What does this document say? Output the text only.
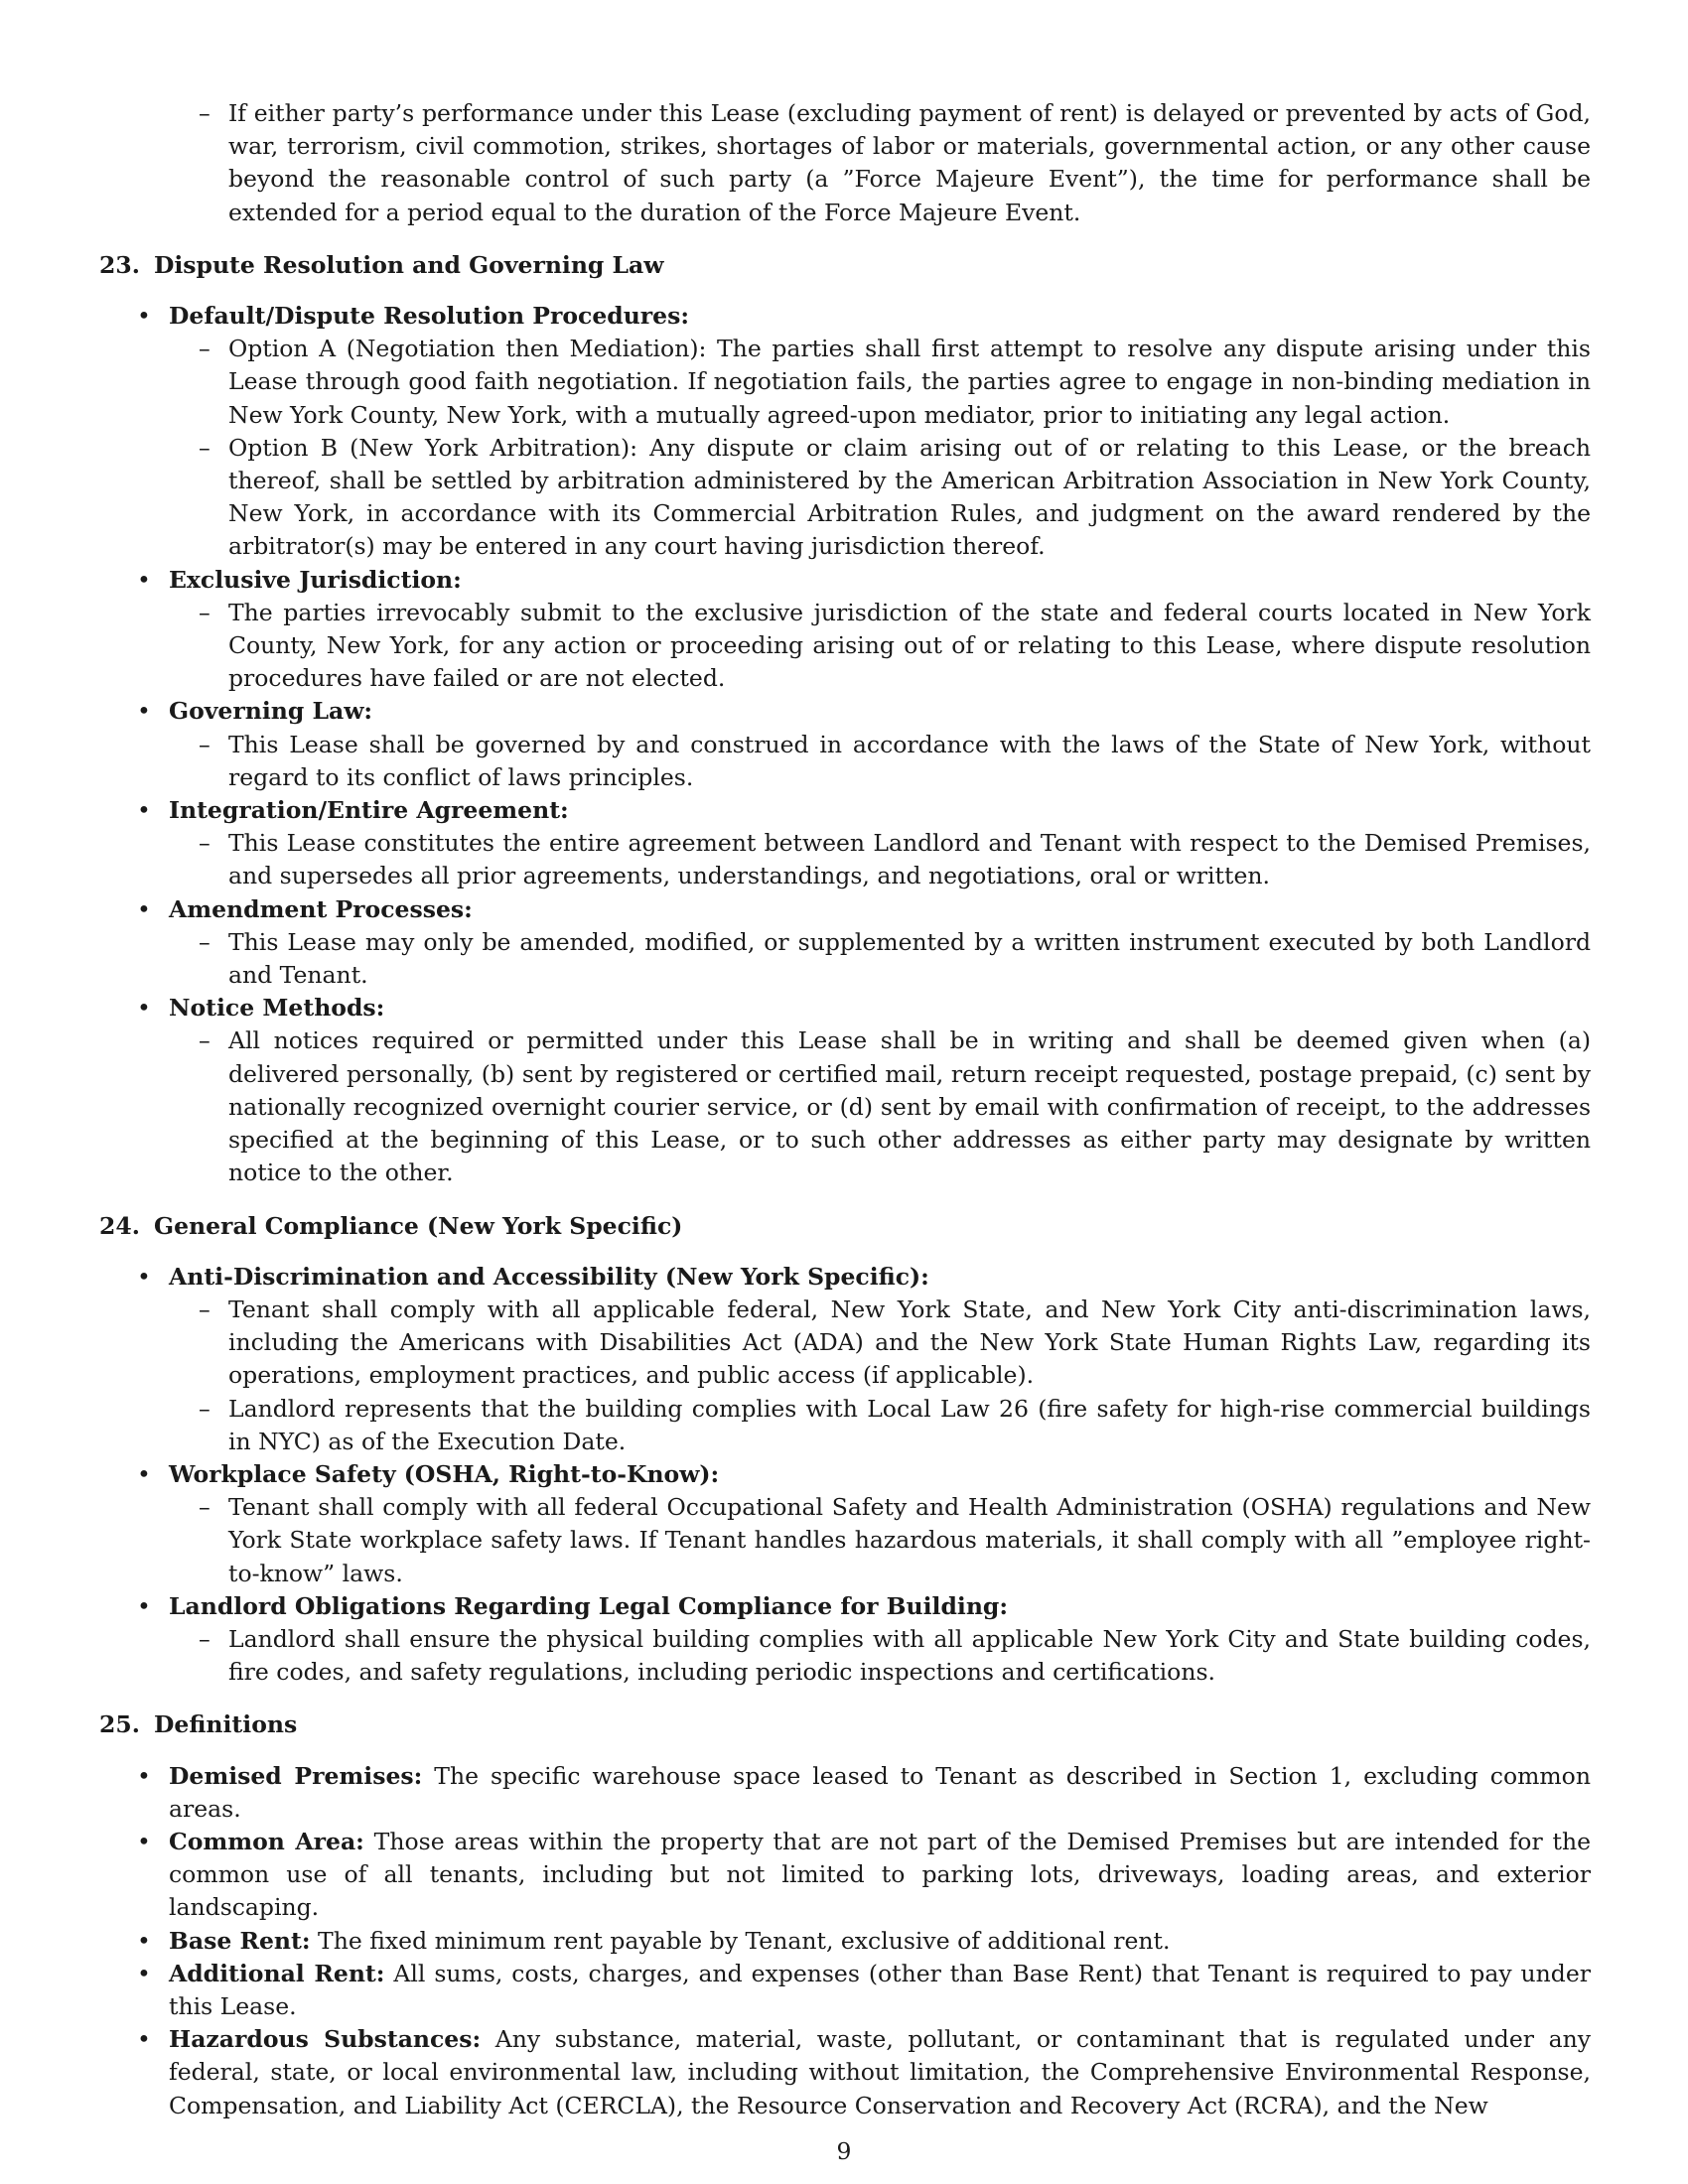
– If either party’s performance under this Lease (excluding payment of rent) is delayed or prevented by acts of God, war, terrorism, civil commotion, strikes, shortages of labor or materials, governmental action, or any other cause beyond the reasonable control of such party (a ”Force Majeure Event”), the time for performance shall be extended for a period equal to the duration of the Force Majeure Event.
23. Dispute Resolution and Governing Law
• Default/Dispute Resolution Procedures:
– Option A (Negotiation then Mediation): The parties shall first attempt to resolve any dispute arising under this Lease through good faith negotiation. If negotiation fails, the parties agree to engage in non-binding mediation in New York County, New York, with a mutually agreed-upon mediator, prior to initiating any legal action.
– Option B (New York Arbitration): Any dispute or claim arising out of or relating to this Lease, or the breach thereof, shall be settled by arbitration administered by the American Arbitration Association in New York County, New York, in accordance with its Commercial Arbitration Rules, and judgment on the award rendered by the arbitrator(s) may be entered in any court having jurisdiction thereof.
• Exclusive Jurisdiction:
– The parties irrevocably submit to the exclusive jurisdiction of the state and federal courts located in New York County, New York, for any action or proceeding arising out of or relating to this Lease, where dispute resolution procedures have failed or are not elected.
• Governing Law:
– This Lease shall be governed by and construed in accordance with the laws of the State of New York, without regard to its conflict of laws principles.
• Integration/Entire Agreement:
– This Lease constitutes the entire agreement between Landlord and Tenant with respect to the Demised Premises, and supersedes all prior agreements, understandings, and negotiations, oral or written.
• Amendment Processes:
– This Lease may only be amended, modified, or supplemented by a written instrument executed by both Landlord and Tenant.
• Notice Methods:
– All notices required or permitted under this Lease shall be in writing and shall be deemed given when (a) delivered personally, (b) sent by registered or certified mail, return receipt requested, postage prepaid, (c) sent by nationally recognized overnight courier service, or (d) sent by email with confirmation of receipt, to the addresses specified at the beginning of this Lease, or to such other addresses as either party may designate by written notice to the other.
24. General Compliance (New York Specific)
• Anti-Discrimination and Accessibility (New York Specific):
– Tenant shall comply with all applicable federal, New York State, and New York City anti-discrimination laws, including the Americans with Disabilities Act (ADA) and the New York State Human Rights Law, regarding its operations, employment practices, and public access (if applicable).
– Landlord represents that the building complies with Local Law 26 (fire safety for high-rise commercial buildings in NYC) as of the Execution Date.
• Workplace Safety (OSHA, Right-to-Know):
– Tenant shall comply with all federal Occupational Safety and Health Administration (OSHA) regulations and New York State workplace safety laws. If Tenant handles hazardous materials, it shall comply with all ”employee right-to-know” laws.
• Landlord Obligations Regarding Legal Compliance for Building:
– Landlord shall ensure the physical building complies with all applicable New York City and State building codes, fire codes, and safety regulations, including periodic inspections and certifications.
25. Definitions
• Demised Premises: The specific warehouse space leased to Tenant as described in Section 1, excluding common areas.
• Common Area: Those areas within the property that are not part of the Demised Premises but are intended for the common use of all tenants, including but not limited to parking lots, driveways, loading areas, and exterior landscaping.
• Base Rent: The fixed minimum rent payable by Tenant, exclusive of additional rent.
• Additional Rent: All sums, costs, charges, and expenses (other than Base Rent) that Tenant is required to pay under this Lease.
• Hazardous Substances: Any substance, material, waste, pollutant, or contaminant that is regulated under any federal, state, or local environmental law, including without limitation, the Comprehensive Environmental Response, Compensation, and Liability Act (CERCLA), the Resource Conservation and Recovery Act (RCRA), and the New
9
